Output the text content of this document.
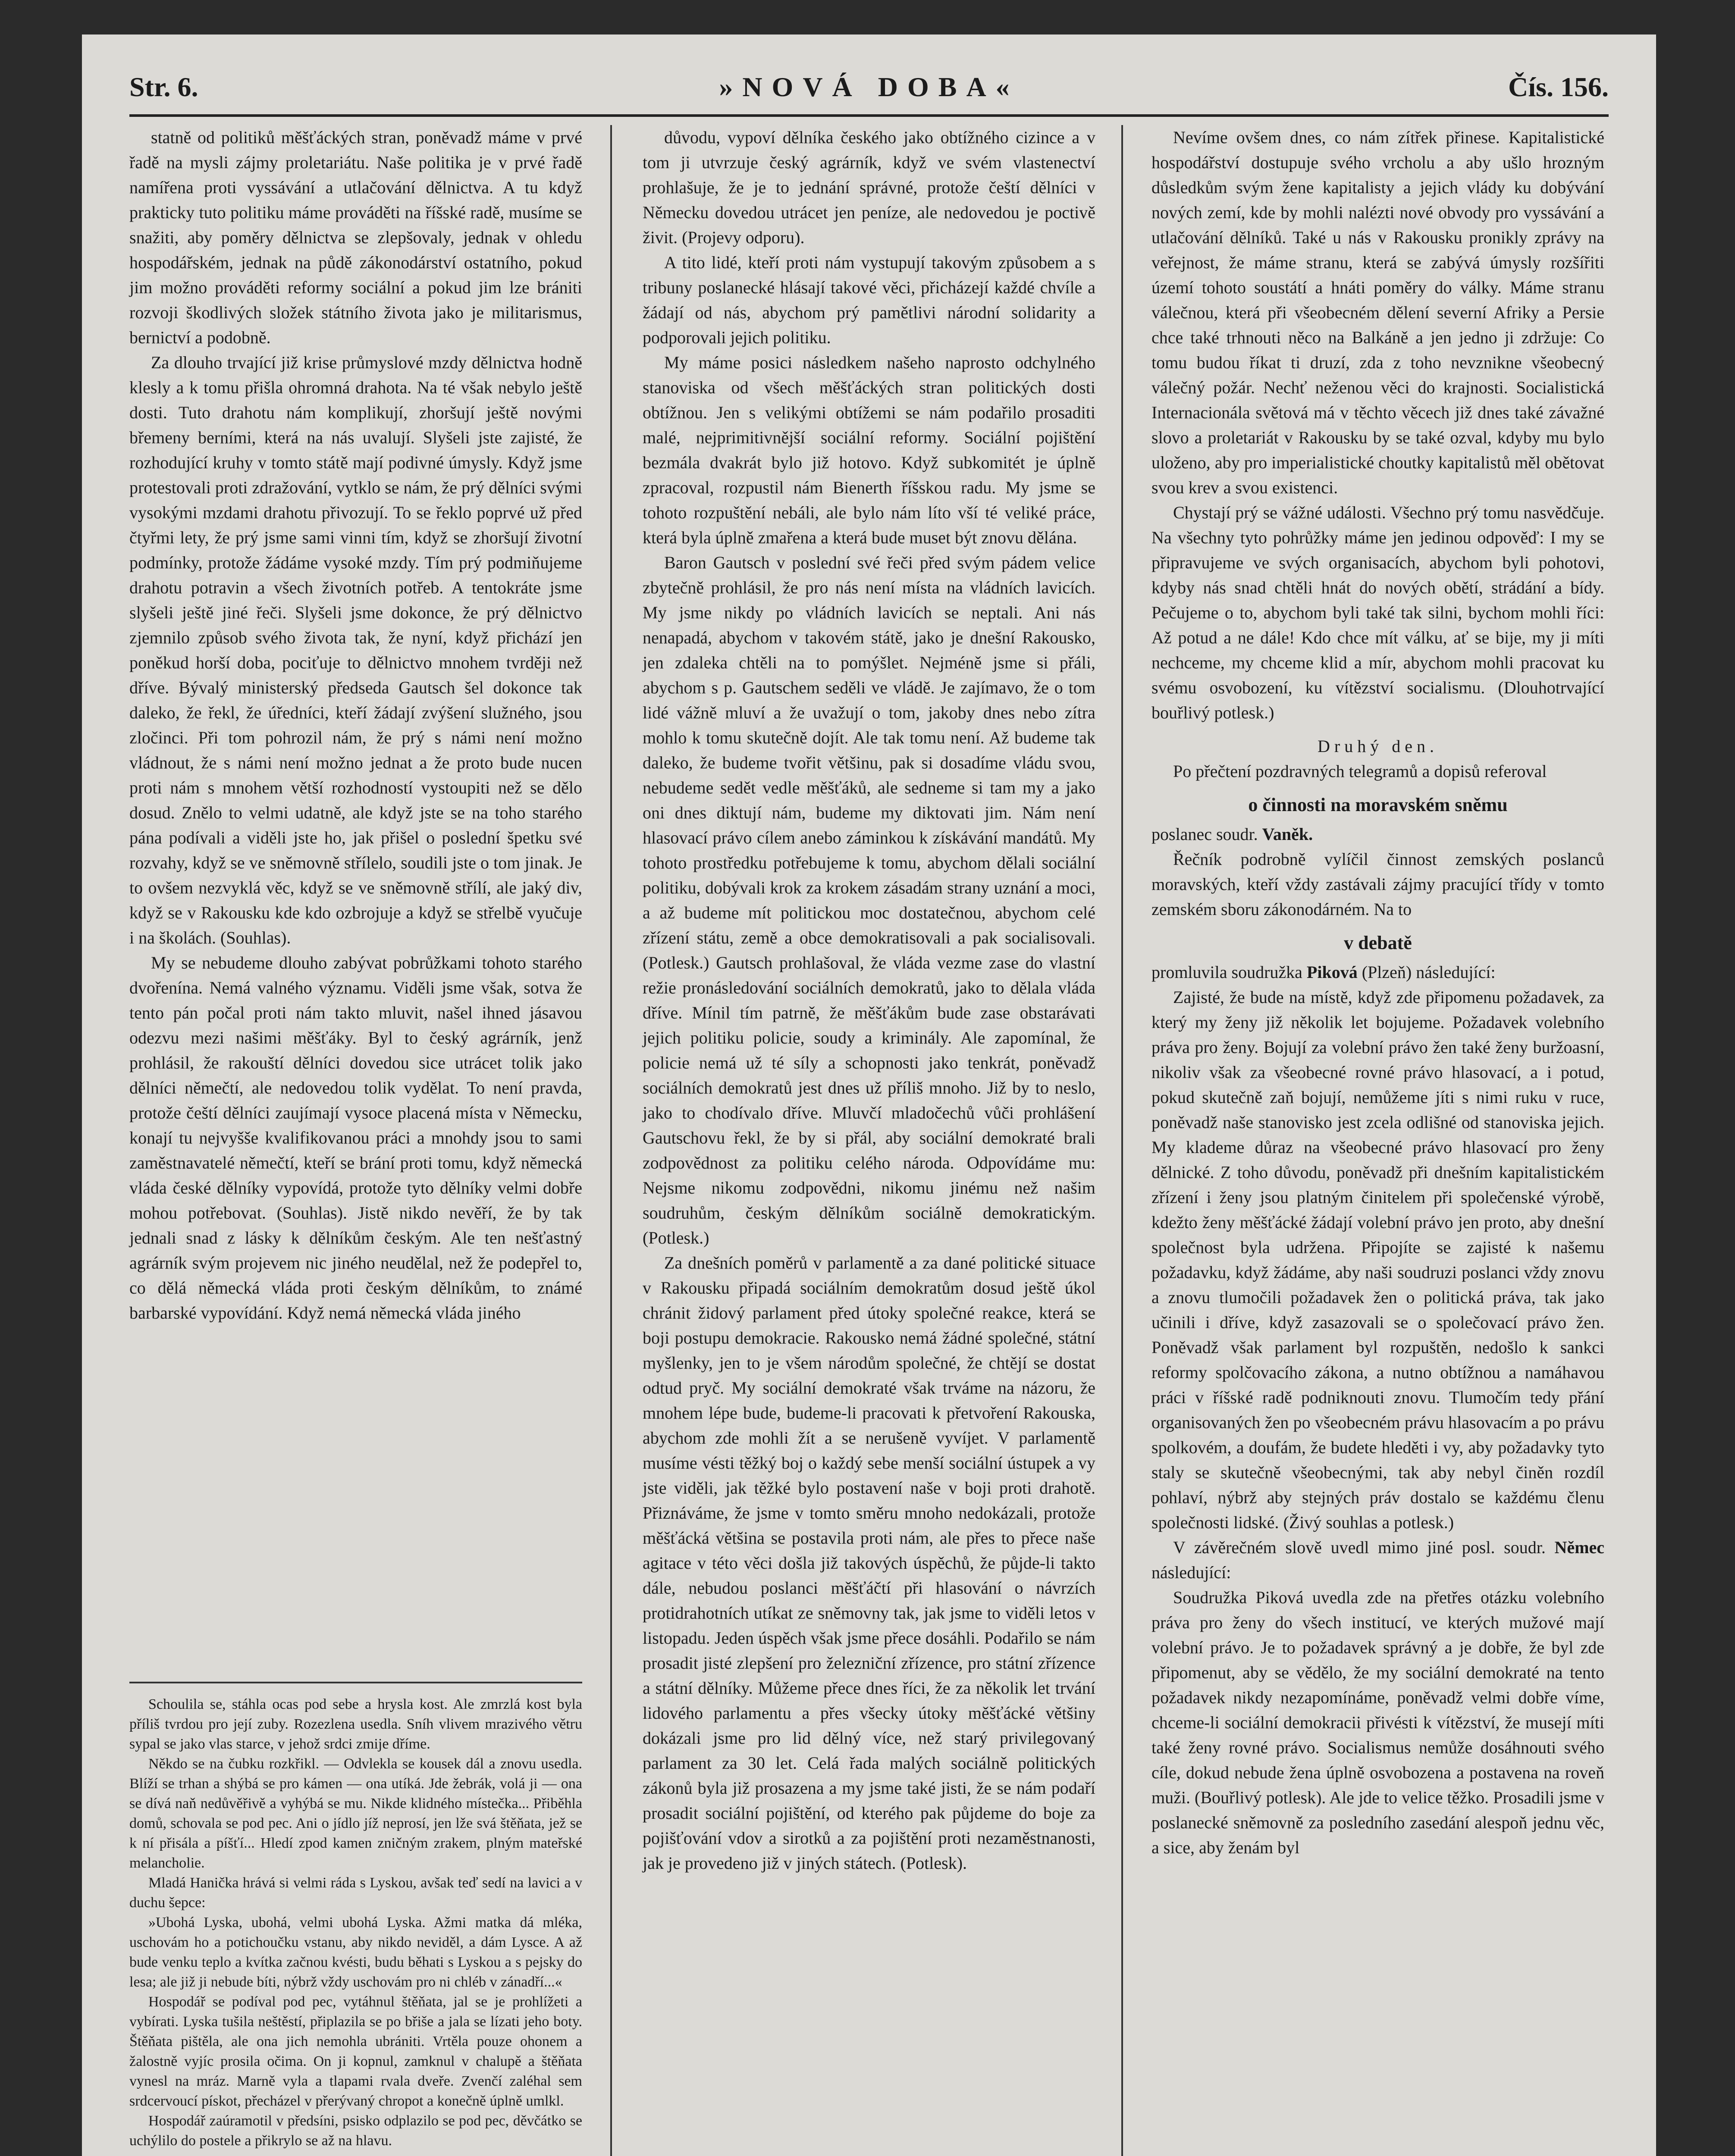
Str. 6.	»NOVÁ DOBA«	Čís. 156.

statně od politiků měšťáckých stran, poněvadž máme v prvé řadě na mysli zájmy proletariátu. Naše politika je v prvé řadě namířena proti vyssávání a utlačování dělnictva. A tu když prakticky tuto politiku máme prováděti na říšské radě, musíme se snažiti, aby poměry dělnictva se zlepšovaly, jednak v ohledu hospodářském, jednak na půdě zákonodárství ostatního, pokud jim možno prováděti reformy sociální a pokud jim lze brániti rozvoji škodlivých složek státního života jako je militarismus, bernictví a podobně.

Za dlouho trvající již krise průmyslové mzdy dělnictva hodně klesly a k tomu přišla ohromná drahota. Na té však nebylo ještě dosti. Tuto drahotu nám komplikují, zhoršují ještě novými břemeny berními, která na nás uvalují. Slyšeli jste zajisté, že rozhodující kruhy v tomto státě mají podivné úmysly. Když jsme protestovali proti zdražování, vytklo se nám, že prý dělníci svými vysokými mzdami drahotu přivozují. To se řeklo poprvé už před čtyřmi lety, že prý jsme sami vinni tím, když se zhoršují životní podmínky, protože žádáme vysoké mzdy. Tím prý podmiňujeme drahotu potravin a všech životních potřeb. A tentokráte jsme slyšeli ještě jiné řeči. Slyšeli jsme dokonce, že prý dělnictvo zjemnilo způsob svého života tak, že nyní, když přichází jen poněkud horší doba, pociťuje to dělnictvo mnohem tvrději než dříve. Bývalý ministerský předseda Gautsch šel dokonce tak daleko, že řekl, že úředníci, kteří žádají zvýšení služného, jsou zločinci. Při tom pohrozil nám, že prý s námi není možno vládnout, že s námi není možno jednat a že proto bude nucen proti nám s mnohem větší rozhodností vystoupiti než se dělo dosud. Znělo to velmi udatně, ale když jste se na toho starého pána podívali a viděli jste ho, jak přišel o poslední špetku své rozvahy, když se ve sněmovně střílelo, soudili jste o tom jinak. Je to ovšem nezvyklá věc, když se ve sněmovně střílí, ale jaký div, když se v Rakousku kde kdo ozbrojuje a když se střelbě vyučuje i na školách. (Souhlas).

My se nebudeme dlouho zabývat pobrůžkami tohoto starého dvořenína. Nemá valného významu. Viděli jsme však, sotva že tento pán počal proti nám takto mluvit, našel ihned jásavou odezvu mezi našimi měšťáky. Byl to český agrárník, jenž prohlásil, že rakouští dělníci dovedou sice utrácet tolik jako dělníci němečtí, ale nedovedou tolik vydělat. To není pravda, protože čeští dělníci zaujímají vysoce placená místa v Německu, konají tu nejvyšše kvalifikovanou práci a mnohdy jsou to sami zaměstnavatelé němečtí, kteří se brání proti tomu, když německá vláda české dělníky vypovídá, protože tyto dělníky velmi dobře mohou potřebovat. (Souhlas). Jistě nikdo nevěří, že by tak jednali snad z lásky k dělníkům českým. Ale ten nešťastný agrárník svým projevem nic jiného neudělal, než že podepřel to, co dělá německá vláda proti českým dělníkům, to známé barbarské vypovídání. Když nemá německá vláda jiného

Schoulila se, stáhla ocas pod sebe a hrysla kost. Ale zmrzlá kost byla příliš tvrdou pro její zuby. Rozezlena usedla. Sníh vlivem mrazivého větru sypal se jako vlas starce, v jehož srdci zmije dříme.

Někdo se na čubku rozkřikl. — Odvlekla se kousek dál a znovu usedla. Blíží se trhan a shýbá se pro kámen — ona utíká. Jde žebrák, volá ji — ona se dívá naň nedůvěřivě a vyhýbá se mu. Nikde klidného místečka... Přiběhla domů, schovala se pod pec. Ani o jídlo jíž neprosí, jen lže svá štěňata, jež se k ní přisála a píšťí... Hledí zpod kamen zničným zrakem, plným mateřské melancholie.

Mladá Hanička hrává si velmi ráda s Lyskou, avšak teď sedí na lavici a v duchu šepce:

»Ubohá Lyska, ubohá, velmi ubohá Lyska. Ažmi matka dá mléka, uschovám ho a potichoučku vstanu, aby nikdo neviděl, a dám Lysce. A až bude venku teplo a kvítka začnou kvésti, budu běhati s Lyskou a s pejsky do lesa; ale již ji nebude bíti, nýbrž vždy uschovám pro ni chléb v zánadří...«

Hospodář se podíval pod pec, vytáhnul štěňata, jal se je prohlížeti a vybírati. Lyska tušila neštěstí, připlazila se po břiše a jala se lízati jeho boty. Štěňata pištěla, ale ona jich nemohla ubrániti. Vrtěla pouze ohonem a žalostně vyjíc prosila očima. On ji kopnul, zamknul v chalupě a štěňata vynesl na mráz. Marně vyla a tlapami rvala dveře. Zvenčí zaléhal sem srdcervoucí pískot, přecházel v přerývaný chropot a konečně úplně umlkl.

Hospodář zaúramotil v předsíni, psisko odplazilo se pod pec, děvčátko se uchýlilo do postele a přikrylo se až na hlavu.

důvodu, vypoví dělníka českého jako obtížného cizince a v tom ji utvrzuje český agrárník, když ve svém vlastenectví prohlašuje, že je to jednání správné, protože čeští dělníci v Německu dovedou utrácet jen peníze, ale nedovedou je poctivě živit. (Projevy odporu).

A tito lidé, kteří proti nám vystupují takovým způsobem a s tribuny poslanecké hlásají takové věci, přicházejí každé chvíle a žádají od nás, abychom prý pamětlivi národní solidarity a podporovali jejich politiku.

My máme posici následkem našeho naprosto odchylného stanoviska od všech měšťáckých stran politických dosti obtížnou. Jen s velikými obtížemi se nám podařilo prosaditi malé, nejprimitivnější sociální reformy. Sociální pojištění bezmála dvakrát bylo již hotovo. Když subkomitét je úplně zpracoval, rozpustil nám Bienerth říšskou radu. My jsme se tohoto rozpuštění nebáli, ale bylo nám líto vší té veliké práce, která byla úplně zmařena a která bude muset být znovu dělána.

Baron Gautsch v poslední své řeči před svým pádem velice zbytečně prohlásil, že pro nás není místa na vládních lavicích. My jsme nikdy po vládních lavicích se neptali. Ani nás nenapadá, abychom v takovém státě, jako je dnešní Rakousko, jen zdaleka chtěli na to pomýšlet. Nejméně jsme si přáli, abychom s p. Gautschem seděli ve vládě. Je zajímavo, že o tom lidé vážně mluví a že uvažují o tom, jakoby dnes nebo zítra mohlo k tomu skutečně dojít. Ale tak tomu není. Až budeme tak daleko, že budeme tvořit většinu, pak si dosadíme vládu svou, nebudeme sedět vedle měšťáků, ale sedneme si tam my a jako oni dnes diktují nám, budeme my diktovati jim. Nám není hlasovací právo cílem anebo záminkou k získávání mandátů. My tohoto prostředku potřebujeme k tomu, abychom dělali sociální politiku, dobývali krok za krokem zásadám strany uznání a moci, a až budeme mít politickou moc dostatečnou, abychom celé zřízení státu, země a obce demokratisovali a pak socialisovali. (Potlesk.) Gautsch prohlašoval, že vláda vezme zase do vlastní režie pronásledování sociálních demokratů, jako to dělala vláda dříve. Mínil tím patrně, že měšťákům bude zase obstarávati jejich politiku policie, soudy a kriminály. Ale zapomínal, že policie nemá už té síly a schopnosti jako tenkrát, poněvadž sociálních demokratů jest dnes už příliš mnoho. Již by to neslo, jako to chodívalo dříve. Mluvčí mladočechů vůči prohlášení Gautschovu řekl, že by si přál, aby sociální demokraté brali zodpovědnost za politiku celého národa. Odpovídáme mu: Nejsme nikomu zodpovědni, nikomu jinému než našim soudruhům, českým dělníkům sociálně demokratickým. (Potlesk.)

Za dnešních poměrů v parlamentě a za dané politické situace v Rakousku připadá sociálním demokratům dosud ještě úkol chránit židový parlament před útoky společné reakce, která se boji postupu demokracie. Rakousko nemá žádné společné, státní myšlenky, jen to je všem národům společné, že chtějí se dostat odtud pryč. My sociální demokraté však trváme na názoru, že mnohem lépe bude, budeme-li pracovati k přetvoření Rakouska, abychom zde mohli žít a se nerušeně vyvíjet. V parlamentě musíme vésti těžký boj o každý sebe menší sociální ústupek a vy jste viděli, jak těžké bylo postavení naše v boji proti drahotě. Přiznáváme, že jsme v tomto směru mnoho nedokázali, protože měšťácká většina se postavila proti nám, ale přes to přece naše agitace v této věci došla již takových úspěchů, že půjde-li takto dále, nebudou poslanci měšťáčtí při hlasování o návrzích protidrahotních utíkat ze sněmovny tak, jak jsme to viděli letos v listopadu. Jeden úspěch však jsme přece dosáhli. Podařilo se nám prosadit jisté zlepšení pro železniční zřízence, pro státní zřízence a státní dělníky. Můžeme přece dnes říci, že za několik let trvání lidového parlamentu a přes všecky útoky měšťácké většiny dokázali jsme pro lid dělný více, než starý privilegovaný parlament za 30 let. Celá řada malých sociálně politických zákonů byla již prosazena a my jsme také jisti, že se nám podaří prosadit sociální pojištění, od kterého pak půjdeme do boje za pojišťování vdov a sirotků a za pojištění proti nezaměstnanosti, jak je provedeno již v jiných státech. (Potlesk).

Nevíme ovšem dnes, co nám zítřek přinese. Kapitalistické hospodářství dostupuje svého vrcholu a aby ušlo hrozným důsledkům svým žene kapitalisty a jejich vlády ku dobývání nových zemí, kde by mohli nalézti nové obvody pro vyssávání a utlačování dělníků. Také u nás v Rakousku pronikly zprávy na veřejnost, že máme stranu, která se zabývá úmysly rozšířiti území tohoto soustátí a hnáti poměry do války. Máme stranu válečnou, která při všeobecném dělení severní Afriky a Persie chce také trhnouti něco na Balkáně a jen jedno ji zdržuje: Co tomu budou říkat ti druzí, zda z toho nevznikne všeobecný válečný požár. Nechť neženou věci do krajnosti. Socialistická Internacionála světová má v těchto věcech již dnes také závažné slovo a proletariát v Rakousku by se také ozval, kdyby mu bylo uloženo, aby pro imperialistické choutky kapitalistů měl obětovat svou krev a svou existenci.

Chystají prý se vážné události. Všechno prý tomu nasvědčuje. Na všechny tyto pohrůžky máme jen jedinou odpověď: I my se připravujeme ve svých organisacích, abychom byli pohotovi, kdyby nás snad chtěli hnát do nových obětí, strádání a bídy. Pečujeme o to, abychom byli také tak silni, bychom mohli říci: Až potud a ne dále! Kdo chce mít válku, ať se bije, my ji míti nechceme, my chceme klid a mír, abychom mohli pracovat ku svému osvobození, ku vítězství socialismu. (Dlouhotrvající bouřlivý potlesk.)

Druhý den.

Po přečtení pozdravných telegramů a dopisů referoval

o činnosti na moravském sněmu

poslanec soudr. Vaněk.

Řečník podrobně vylíčil činnost zemských poslanců moravských, kteří vždy zastávali zájmy pracující třídy v tomto zemském sboru zákonodárném. Na to

v debatě

promluvila soudružka Piková (Plzeň) následující:

Zajisté, že bude na místě, když zde připomenu požadavek, za který my ženy již několik let bojujeme. Požadavek volebního práva pro ženy. Bojují za volební právo žen také ženy buržoasní, nikoliv však za všeobecné rovné právo hlasovací, a i potud, pokud skutečně zaň bojují, nemůžeme jíti s nimi ruku v ruce, poněvadž naše stanovisko jest zcela odlišné od stanoviska jejich. My klademe důraz na všeobecné právo hlasovací pro ženy dělnické. Z toho důvodu, poněvadž při dnešním kapitalistickém zřízení i ženy jsou platným činitelem při společenské výrobě, kdežto ženy měšťácké žádají volební právo jen proto, aby dnešní společnost byla udržena. Připojíte se zajisté k našemu požadavku, když žádáme, aby naši soudruzi poslanci vždy znovu a znovu tlumočili požadavek žen o politická práva, tak jako učinili i dříve, když zasazovali se o společovací právo žen. Poněvadž však parlament byl rozpuštěn, nedošlo k sankci reformy spolčovacího zákona, a nutno obtížnou a namáhavou práci v říšské radě podniknouti znovu. Tlumočím tedy přání organisovaných žen po všeobecném právu hlasovacím a po právu spolkovém, a doufám, že budete hleděti i vy, aby požadavky tyto staly se skutečně všeobecnými, tak aby nebyl činěn rozdíl pohlaví, nýbrž aby stejných práv dostalo se každému členu společnosti lidské. (Živý souhlas a potlesk.)

V závěrečném slově uvedl mimo jiné posl. soudr. Němec následující:

Soudružka Piková uvedla zde na přetřes otázku volebního práva pro ženy do všech institucí, ve kterých mužové mají volební právo. Je to požadavek správný a je dobře, že byl zde připomenut, aby se vědělo, že my sociální demokraté na tento požadavek nikdy nezapomínáme, poněvadž velmi dobře víme, chceme-li sociální demokracii přivésti k vítězství, že musejí míti také ženy rovné právo. Socialismus nemůže dosáhnouti svého cíle, dokud nebude žena úplně osvobozena a postavena na roveň muži. (Bouřlivý potlesk). Ale jde to velice těžko. Prosadili jsme v poslanecké sněmovně za posledního zasedání alespoň jednu věc, a sice, aby ženám byl
